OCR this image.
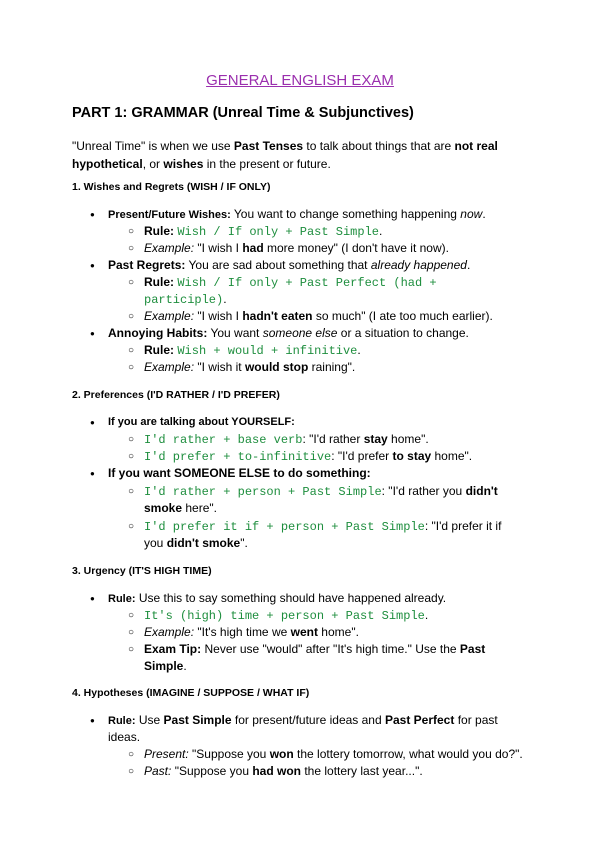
GENERAL ENGLISH EXAM
PART 1: GRAMMAR (Unreal Time & Subjunctives)
"Unreal Time" is when we use Past Tenses to talk about things that are not real
hypothetical, or wishes in the present or future.
1. Wishes and Regrets (WISH / IF ONLY)
● Present/Future Wishes: You want to change something happening now.
○ Rule: Wish / If only + Past Simple.
○ Example: "I wish I had more money" (I don't have it now).
● Past Regrets: You are sad about something that already happened.
○ Rule: Wish / If only + Past Perfect (had +
participle).
○ Example: "I wish I hadn't eaten so much" (I ate too much earlier).
● Annoying Habits: You want someone else or a situation to change.
○ Rule: Wish + would + infinitive.
○ Example: "I wish it would stop raining".
2. Preferences (I'D RATHER / I'D PREFER)
● If you are talking about YOURSELF:
○ I'd rather + base verb: "I'd rather stay home".
○ I'd prefer + to-infinitive: "I'd prefer to stay home".
● If you want SOMEONE ELSE to do something:
○ I'd rather + person + Past Simple: "I'd rather you didn't
smoke here".
○ I'd prefer it if + person + Past Simple: "I'd prefer it if
you didn't smoke".
3. Urgency (IT'S HIGH TIME)
● Rule: Use this to say something should have happened already.
○ It's (high) time + person + Past Simple.
○ Example: "It's high time we went home".
○ Exam Tip: Never use "would" after "It's high time." Use the Past
Simple.
4. Hypotheses (IMAGINE / SUPPOSE / WHAT IF)
● Rule: Use Past Simple for present/future ideas and Past Perfect for past
ideas.
○ Present: "Suppose you won the lottery tomorrow, what would you do?".
○ Past: "Suppose you had won the lottery last year...".
